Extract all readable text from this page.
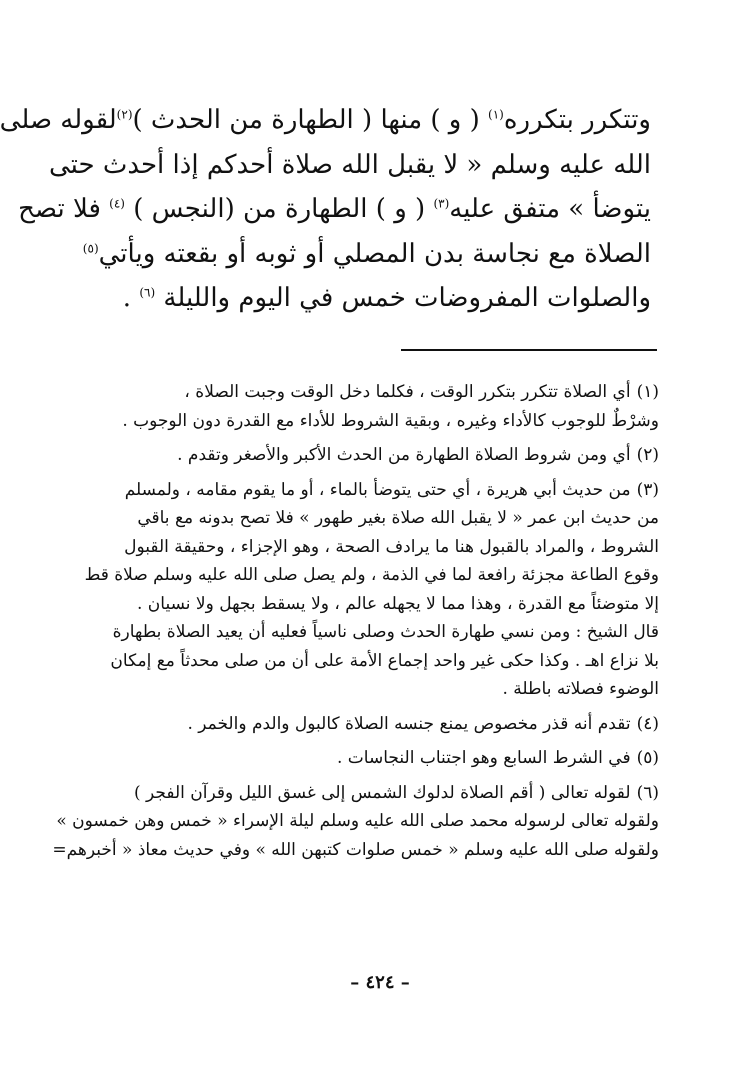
وتتكرر بتكرره$^{(١)}$ ( و ) منها ( الطهارة من الحدث )$^{(٢)}$لقوله صلى
الله عليه وسلم « لا يقبل الله صلاة أحدكم إذا أحدث حتى
يتوضأ » متفق عليه$^{(٣)}$ ( و ) الطهارة من (النجس ) $^{(٤)}$ فلا تصح
الصلاة مع نجاسة بدن المصلي أو ثوبه أو بقعته ويأتي$^{(٥)}$
والصلوات المفروضات خمس في اليوم والليلة $^{(٦)}$ .
(١)أي الصلاة تتكرر بتكرر الوقت ، فكلما دخل الوقت وجبت الصلاة ،
وشرْطٌ للوجوب كالأداء وغيره ، وبقية الشروط للأداء مع القدرة دون الوجوب .
(٢)أي ومن شروط الصلاة الطهارة من الحدث الأكبر والأصغر وتقدم .
(٣)من حديث أبي هريرة ، أي حتى يتوضأ بالماء ، أو ما يقوم مقامه ، ولمسلم
من حديث ابن عمر « لا يقبل الله صلاة بغير طهور » فلا تصح بدونه مع باقي
الشروط ، والمراد بالقبول هنا ما يرادف الصحة ، وهو الإجزاء ، وحقيقة القبول
وقوع الطاعة مجزئة رافعة لما في الذمة ، ولم يصل صلى الله عليه وسلم صلاة قط
إلا متوضئاً مع القدرة ، وهذا مما لا يجهله عالم ، ولا يسقط بجهل ولا نسيان .
قال الشيخ : ومن نسي طهارة الحدث وصلى ناسياً فعليه أن يعيد الصلاة بطهارة
بلا نزاع اهـ . وكذا حكى غير واحد إجماع الأمة على أن من صلى محدثاً مع إمكان
الوضوء فصلاته باطلة .
(٤)تقدم أنه قذر مخصوص يمنع جنسه الصلاة كالبول والدم والخمر .
(٥)في الشرط السابع وهو اجتناب النجاسات .
(٦)لقوله تعالى ( أقم الصلاة لدلوك الشمس إلى غسق الليل وقرآن الفجر )
ولقوله تعالى لرسوله محمد صلى الله عليه وسلم ليلة الإسراء « خمس وهن خمسون »
ولقوله صلى الله عليه وسلم « خمس صلوات كتبهن الله » وفي حديث معاذ « أخبرهم=
– ٤٢٤ –
